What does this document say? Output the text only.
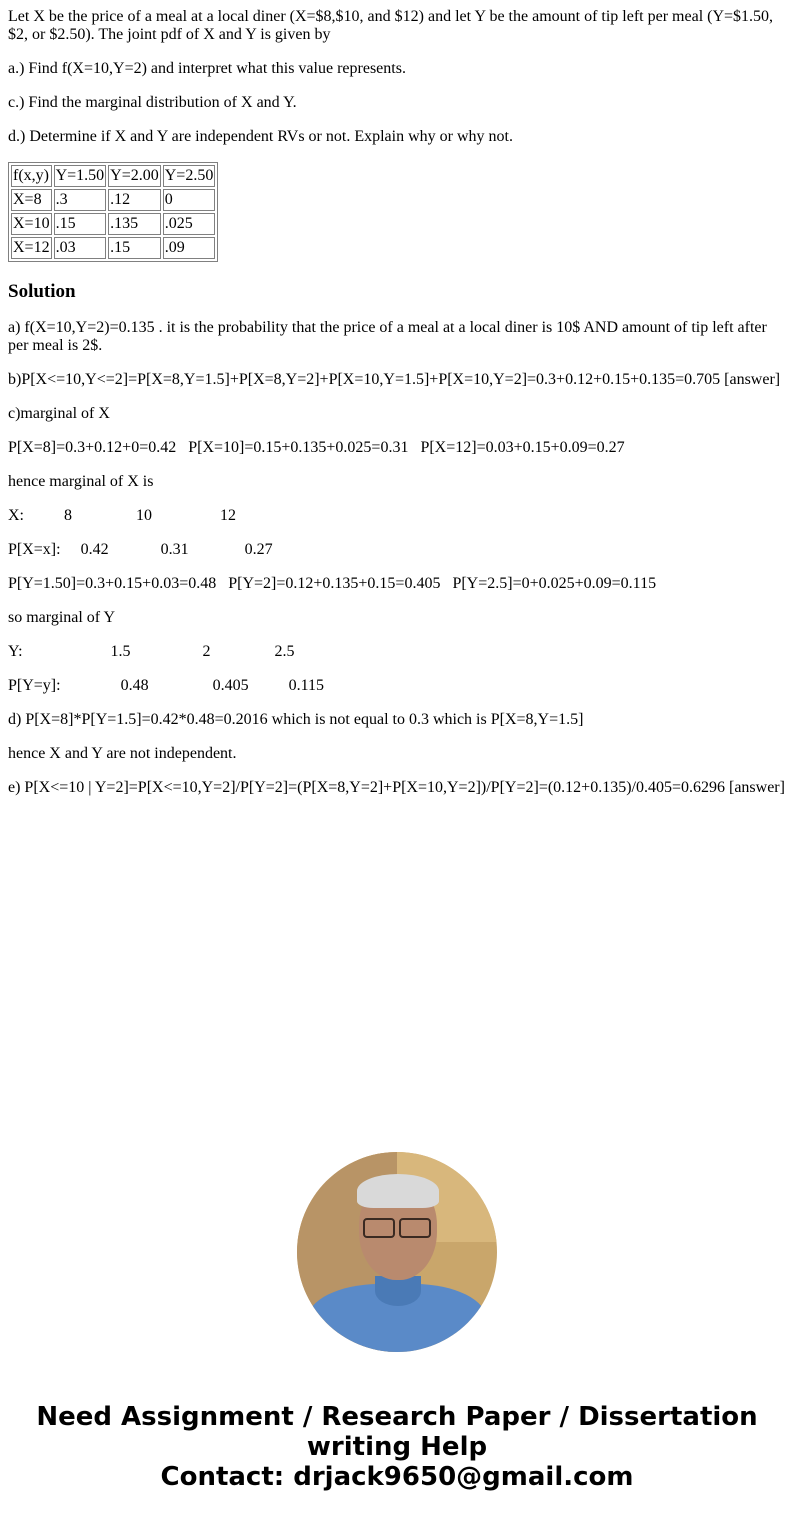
Let X be the price of a meal at a local diner (X=$8,$10, and $12) and let Y be the amount of tip left per meal (Y=$1.50, $2, or $2.50). The joint pdf of X and Y is given by

a.) Find f(X=10,Y=2) and interpret what this value represents.

c.) Find the marginal distribution of X and Y.

d.) Determine if X and Y are independent RVs or not. Explain why or why not.

f(x,y)	Y=1.50	Y=2.00	Y=2.50
X=8	.3	.12	0
X=10	.15	.135	.025
X=12	.03	.15	.09
Solution

a) f(X=10,Y=2)=0.135 . it is the probability that the price of a meal at a local diner is 10$ AND amount of tip left after per meal is 2$.

b)P[X<=10,Y<=2]=P[X=8,Y=1.5]+P[X=8,Y=2]+P[X=10,Y=1.5]+P[X=10,Y=2]=0.3+0.12+0.15+0.135=0.705 [answer]

c)marginal of X

P[X=8]=0.3+0.12+0=0.42   P[X=10]=0.15+0.135+0.025=0.31   P[X=12]=0.03+0.15+0.09=0.27

hence marginal of X is

X:          8                10                 12

P[X=x]:     0.42             0.31              0.27

P[Y=1.50]=0.3+0.15+0.03=0.48   P[Y=2]=0.12+0.135+0.15=0.405   P[Y=2.5]=0+0.025+0.09=0.115

so marginal of Y

Y:                      1.5                  2                2.5

P[Y=y]:               0.48                0.405          0.115

d) P[X=8]*P[Y=1.5]=0.42*0.48=0.2016 which is not equal to 0.3 which is P[X=8,Y=1.5]

hence X and Y are not independent.

e) P[X<=10 | Y=2]=P[X<=10,Y=2]/P[Y=2]=(P[X=8,Y=2]+P[X=10,Y=2])/P[Y=2]=(0.12+0.135)/0.405=0.6296 [answer]

Need Assignment / Research Paper / Dissertation writing Help
Contact: drjack9650@gmail.com
